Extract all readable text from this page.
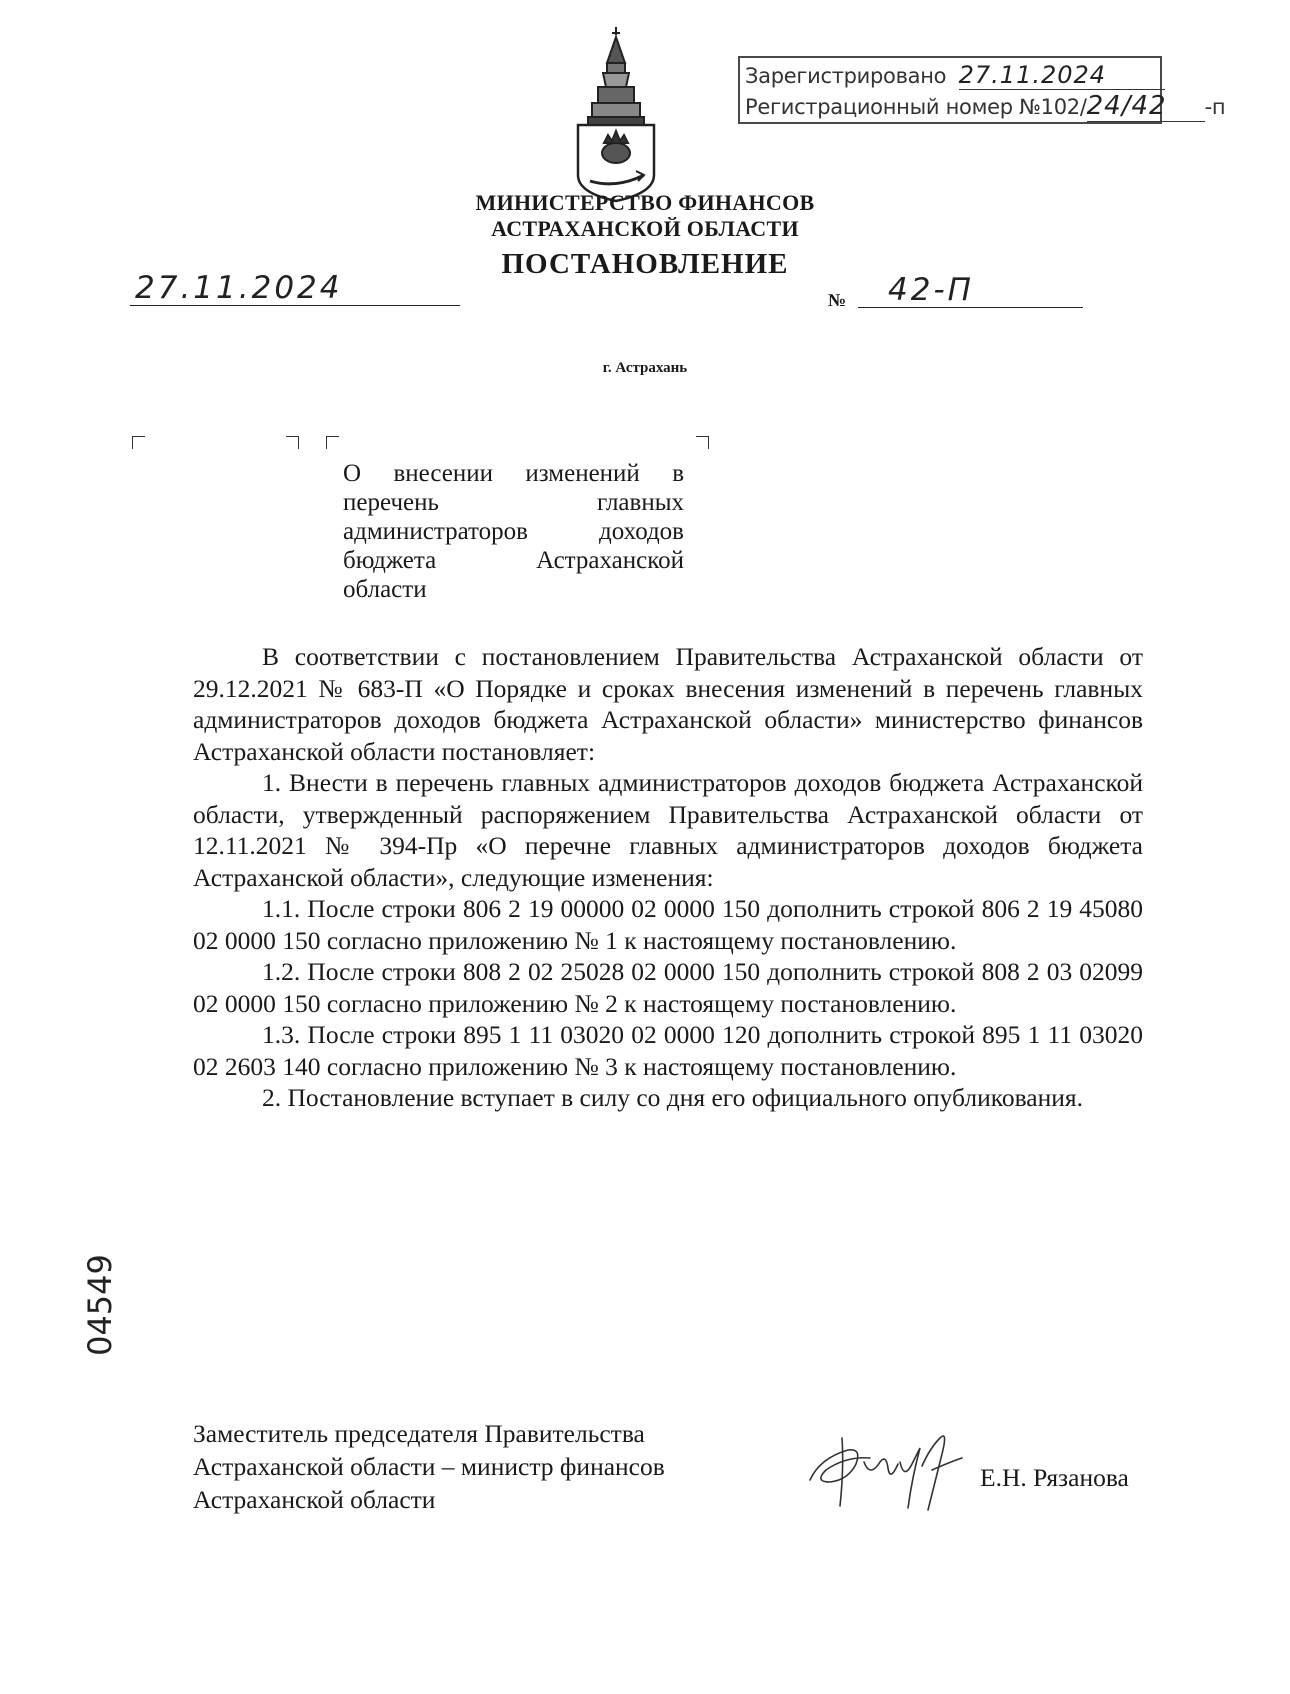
Зарегистрировано 27.11.2024
Регистрационный номер №102/24/42 -п
МИНИСТЕРСТВО ФИНАНСОВ
АСТРАХАНСКОЙ ОБЛАСТИ
ПОСТАНОВЛЕНИЕ
27.11.2024	№ 42-П
г. Астрахань
О внесении изменений в
перечень главных
администраторов доходов
бюджета Астраханской
области

В соответствии с постановлением Правительства Астраханской области от 29.12.2021 № 683-П «О Порядке и сроках внесения изменений в перечень главных администраторов доходов бюджета Астраханской области» министерство финансов Астраханской области постановляет:

1. Внести в перечень главных администраторов доходов бюджета Астраханской области, утвержденный распоряжением Правительства Астраханской области от 12.11.2021 № 394-Пр «О перечне главных администраторов доходов бюджета Астраханской области», следующие изменения:

1.1. После строки 806 2 19 00000 02 0000 150 дополнить строкой 806 2 19 45080 02 0000 150 согласно приложению № 1 к настоящему постановлению.

1.2. После строки 808 2 02 25028 02 0000 150 дополнить строкой 808 2 03 02099 02 0000 150 согласно приложению № 2 к настоящему постановлению.

1.3. После строки 895 1 11 03020 02 0000 120 дополнить строкой 895 1 11 03020 02 2603 140 согласно приложению № 3 к настоящему постановлению.

2. Постановление вступает в силу со дня его официального опубликования.

04549
Заместитель председателя Правительства
Астраханской области – министр финансов
Астраханской области
Е.Н. Рязанова
